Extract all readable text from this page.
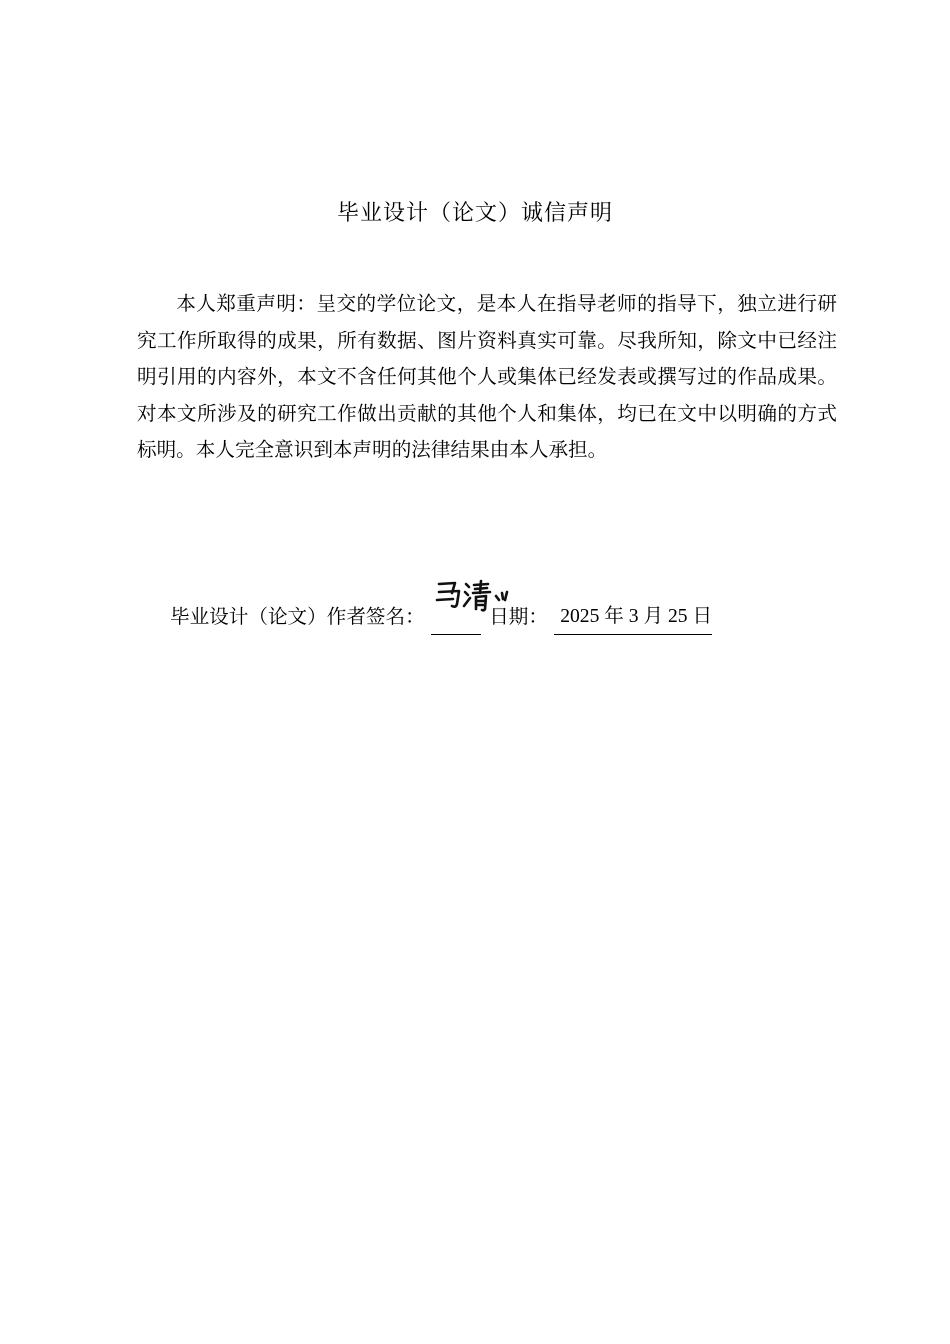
毕业设计（论文）诚信声明

本人郑重声明：呈交的学位论文，是本人在指导老师的指导下，独立进行研究工作所取得的成果，所有数据、图片资料真实可靠。尽我所知，除文中已经注明引用的内容外，本文不含任何其他个人或集体已经发表或撰写过的作品成果。对本文所涉及的研究工作做出贡献的其他个人和集体，均已在文中以明确的方式标明。本人完全意识到本声明的法律结果由本人承担。

毕业设计（论文）作者签名：	日期： 2025 年 3 月 25 日
